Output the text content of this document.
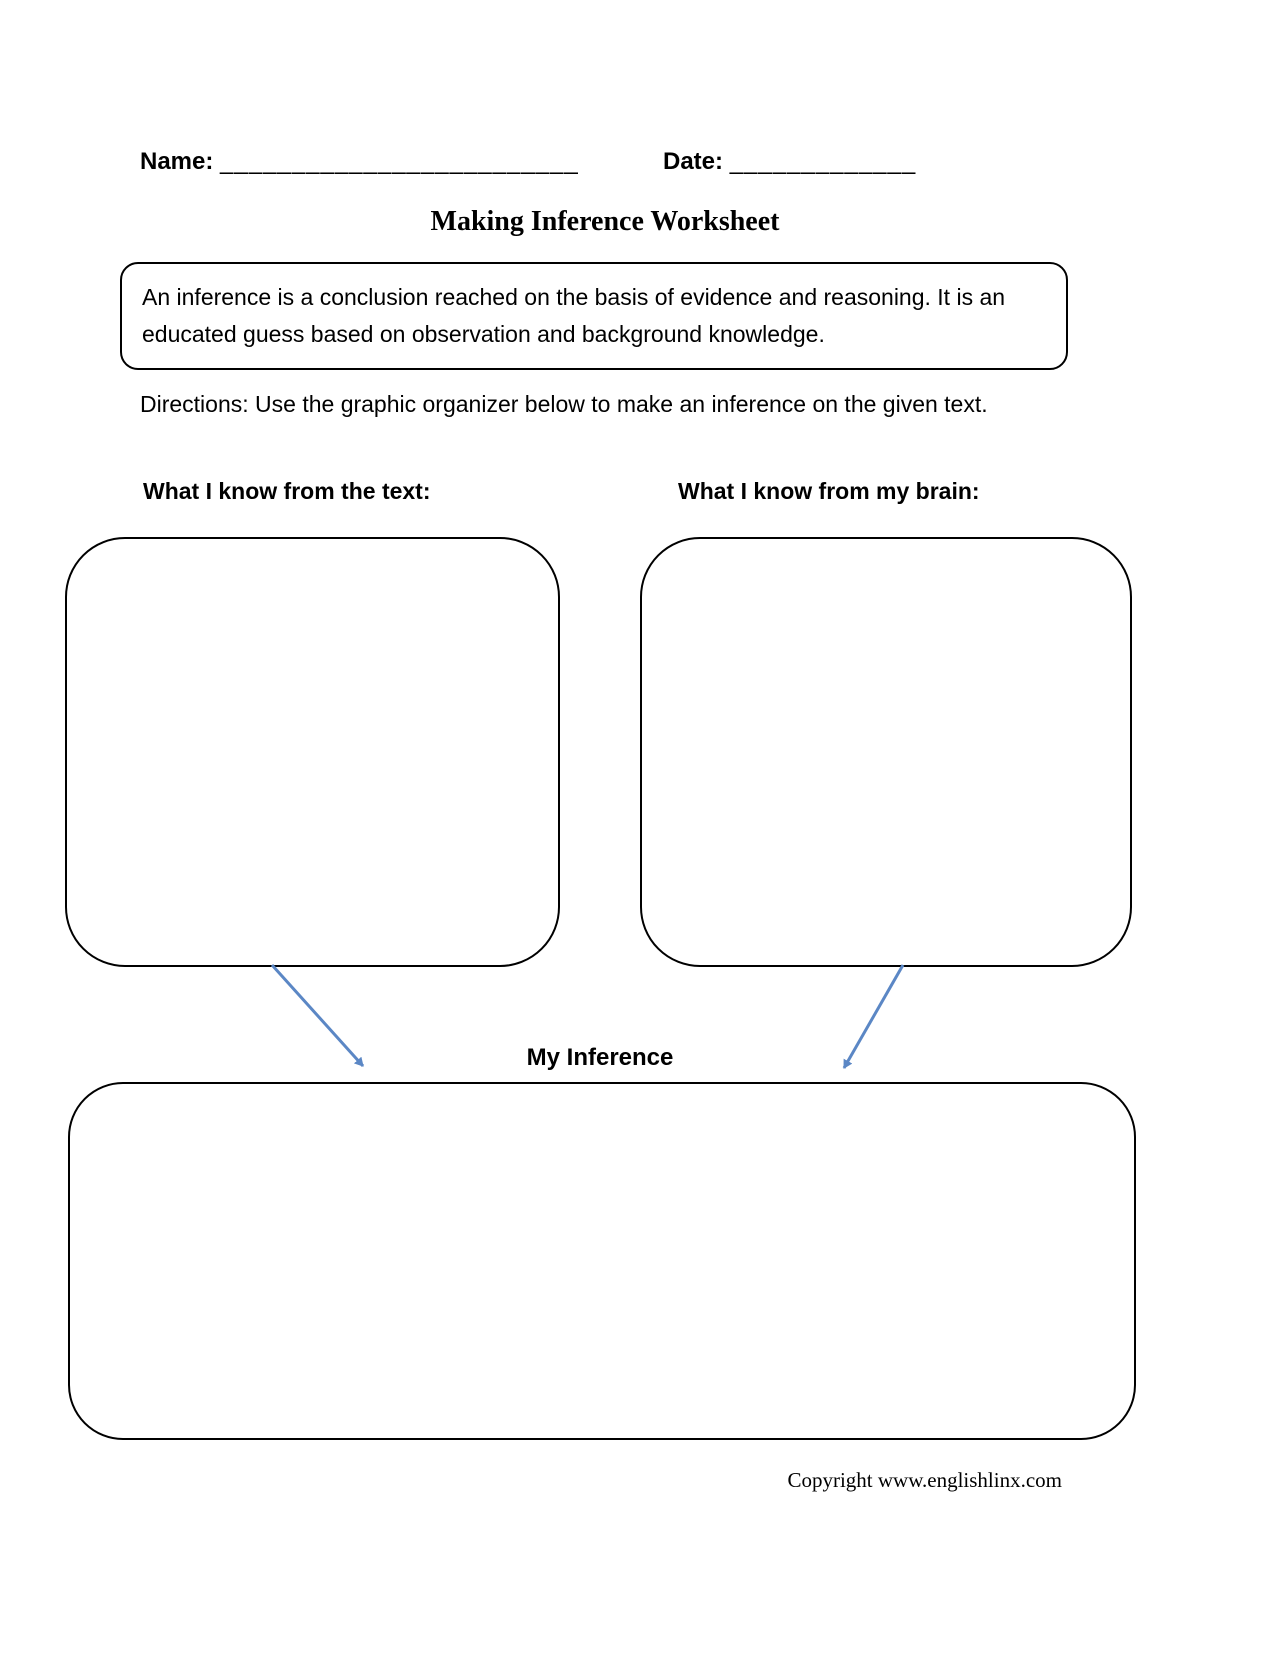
Name: _________________________	Date: _____________
Making Inference Worksheet

An inference is a conclusion reached on the basis of evidence and reasoning. It is an educated guess based on observation and background knowledge.

Directions: Use the graphic organizer below to make an inference on the given text.

What I know from the text:	What I know from my brain:

My Inference

Copyright www.englishlinx.com
